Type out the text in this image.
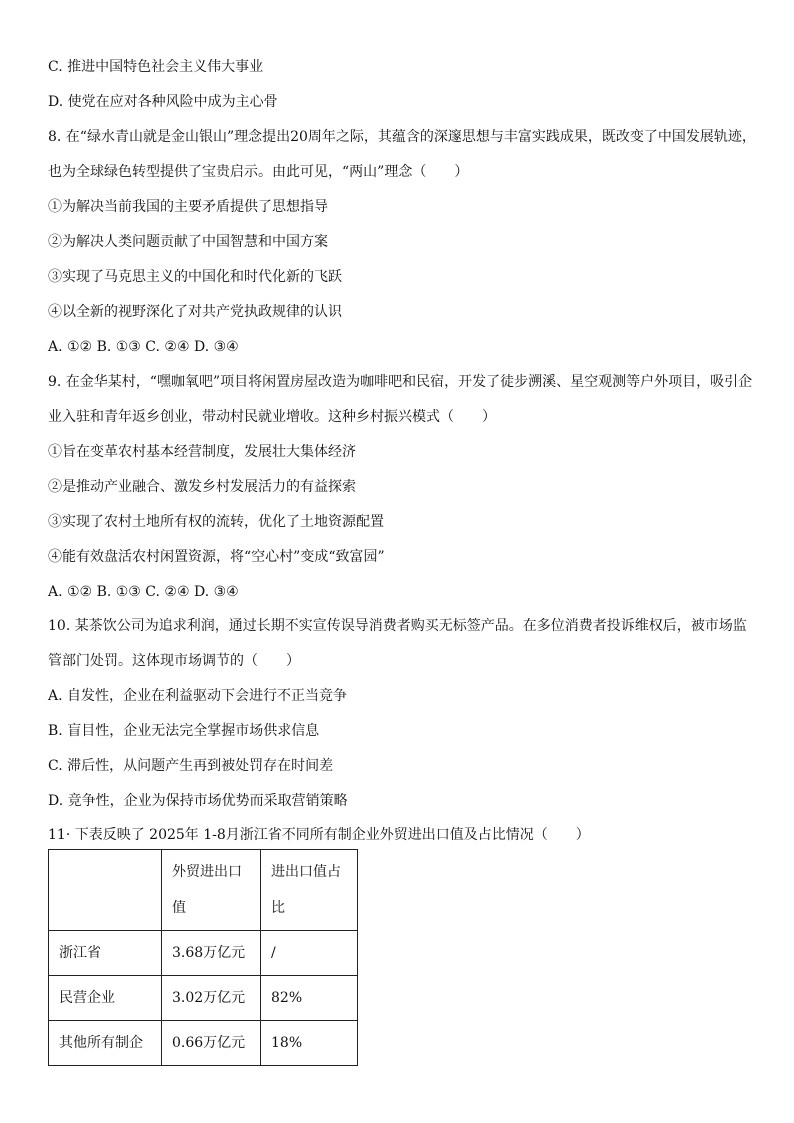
C. 推进中国特色社会主义伟大事业
D. 使党在应对各种风险中成为主心骨
8. 在“绿水青山就是金山银山”理念提出20周年之际，其蕴含的深邃思想与丰富实践成果，既改变了中国发展轨迹，
也为全球绿色转型提供了宝贵启示。由此可见，“两山”理念（　　）
①为解决当前我国的主要矛盾提供了思想指导
②为解决人类问题贡献了中国智慧和中国方案
③实现了马克思主义的中国化和时代化新的飞跃
④以全新的视野深化了对共产党执政规律的认识
A. ①② B. ①③ C. ②④ D. ③④
9. 在金华某村，“嘿咖氧吧”项目将闲置房屋改造为咖啡吧和民宿，开发了徒步溯溪、星空观测等户外项目，吸引企
业入驻和青年返乡创业，带动村民就业增收。这种乡村振兴模式（　　）
①旨在变革农村基本经营制度，发展壮大集体经济
②是推动产业融合、激发乡村发展活力的有益探索
③实现了农村土地所有权的流转，优化了土地资源配置
④能有效盘活农村闲置资源，将“空心村”变成“致富园”
A. ①② B. ①③ C. ②④ D. ③④
10. 某茶饮公司为追求利润，通过长期不实宣传误导消费者购买无标签产品。在多位消费者投诉维权后，被市场监
管部门处罚。这体现市场调节的（　　）
A. 自发性，企业在利益驱动下会进行不正当竞争
B. 盲目性，企业无法完全掌握市场供求信息
C. 滞后性，从问题产生再到被处罚存在时间差
D. 竞争性，企业为保持市场优势而采取营销策略
11· 下表反映了 2025年 1-8月浙江省不同所有制企业外贸进出口值及占比情况（　　）
	外贸进出口值	进出口值占比
浙江省	3.68万亿元	/
民营企业	3.02万亿元	82%
其他所有制企	0.66万亿元	18%
